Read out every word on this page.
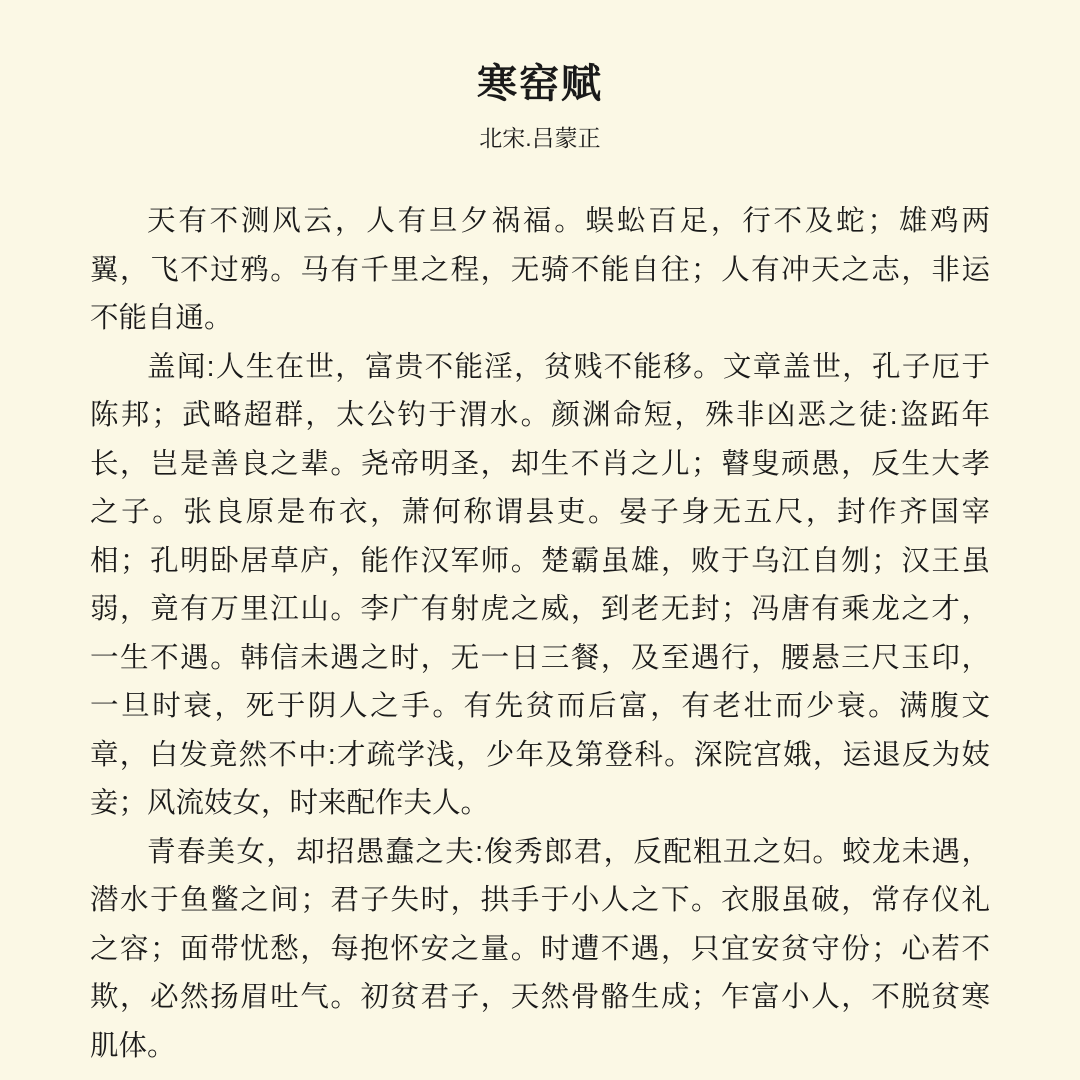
寒窑赋
北宋.吕蒙正
天有不测风云，人有旦夕祸福。蜈蚣百足，行不及蛇；雄鸡两
翼，飞不过鸦。马有千里之程，无骑不能自往；人有冲天之志，非运
不能自通。
盖闻:人生在世，富贵不能淫，贫贱不能移。文章盖世，孔子厄于
陈邦；武略超群，太公钓于渭水。颜渊命短，殊非凶恶之徒:盗跖年
长，岂是善良之辈。尧帝明圣，却生不肖之儿；瞽叟顽愚，反生大孝
之子。张良原是布衣，萧何称谓县吏。晏子身无五尺，封作齐国宰
相；孔明卧居草庐，能作汉军师。楚霸虽雄，败于乌江自刎；汉王虽
弱，竟有万里江山。李广有射虎之威，到老无封；冯唐有乘龙之才，
一生不遇。韩信未遇之时，无一日三餐，及至遇行，腰悬三尺玉印，
一旦时衰，死于阴人之手。有先贫而后富，有老壮而少衰。满腹文
章，白发竟然不中:才疏学浅，少年及第登科。深院宫娥，运退反为妓
妾；风流妓女，时来配作夫人。
青春美女，却招愚蠢之夫:俊秀郎君，反配粗丑之妇。蛟龙未遇，
潜水于鱼鳖之间；君子失时，拱手于小人之下。衣服虽破，常存仪礼
之容；面带忧愁，每抱怀安之量。时遭不遇，只宜安贫守份；心若不
欺，必然扬眉吐气。初贫君子，天然骨骼生成；乍富小人，不脱贫寒
肌体。
